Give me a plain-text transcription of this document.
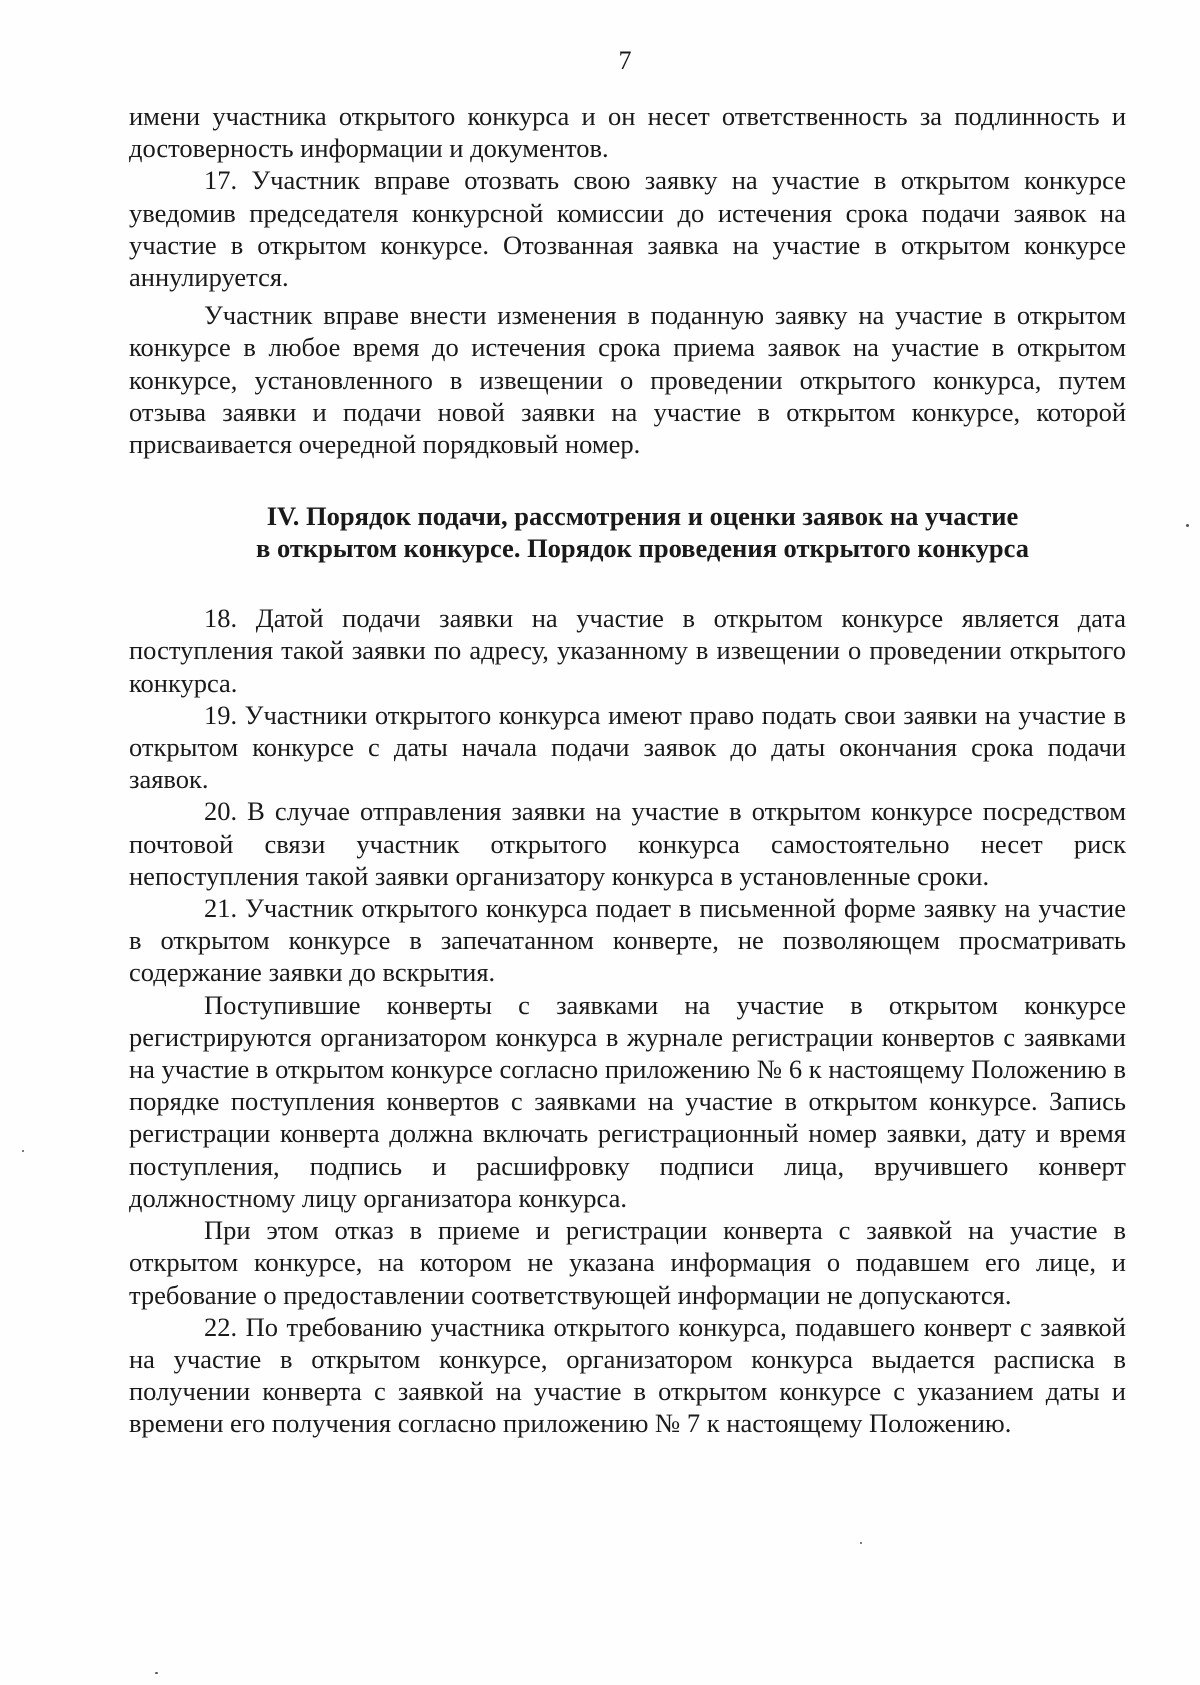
7

имени участника открытого конкурса и он несет ответственность за подлинность и достоверность информации и документов.

17. Участник вправе отозвать свою заявку на участие в открытом конкурсе уведомив председателя конкурсной комиссии до истечения срока подачи заявок на участие в открытом конкурсе. Отозванная заявка на участие в открытом конкурсе аннулируется.

Участник вправе внести изменения в поданную заявку на участие в открытом конкурсе в любое время до истечения срока приема заявок на участие в открытом конкурсе, установленного в извещении о проведении открытого конкурса, путем отзыва заявки и подачи новой заявки на участие в открытом конкурсе, которой присваивается очередной порядковый номер.

IV. Порядок подачи, рассмотрения и оценки заявок на участие
в открытом конкурсе. Порядок проведения открытого конкурса

18. Датой подачи заявки на участие в открытом конкурсе является дата поступления такой заявки по адресу, указанному в извещении о проведении открытого конкурса.

19. Участники открытого конкурса имеют право подать свои заявки на участие в открытом конкурсе с даты начала подачи заявок до даты окончания срока подачи заявок.

20. В случае отправления заявки на участие в открытом конкурсе посредством почтовой связи участник открытого конкурса самостоятельно несет риск непоступления такой заявки организатору конкурса в установленные сроки.

21. Участник открытого конкурса подает в письменной форме заявку на участие в открытом конкурсе в запечатанном конверте, не позволяющем просматривать содержание заявки до вскрытия.

Поступившие конверты с заявками на участие в открытом конкурсе регистрируются организатором конкурса в журнале регистрации конвертов с заявками на участие в открытом конкурсе согласно приложению № 6 к настоящему Положению в порядке поступления конвертов с заявками на участие в открытом конкурсе. Запись регистрации конверта должна включать регистрационный номер заявки, дату и время поступления, подпись и расшифровку подписи лица, вручившего конверт должностному лицу организатора конкурса.

При этом отказ в приеме и регистрации конверта с заявкой на участие в открытом конкурсе, на котором не указана информация о подавшем его лице, и требование о предоставлении соответствующей информации не допускаются.

22. По требованию участника открытого конкурса, подавшего конверт с заявкой на участие в открытом конкурсе, организатором конкурса выдается расписка в получении конверта с заявкой на участие в открытом конкурсе с указанием даты и времени его получения согласно приложению № 7 к настоящему Положению.
